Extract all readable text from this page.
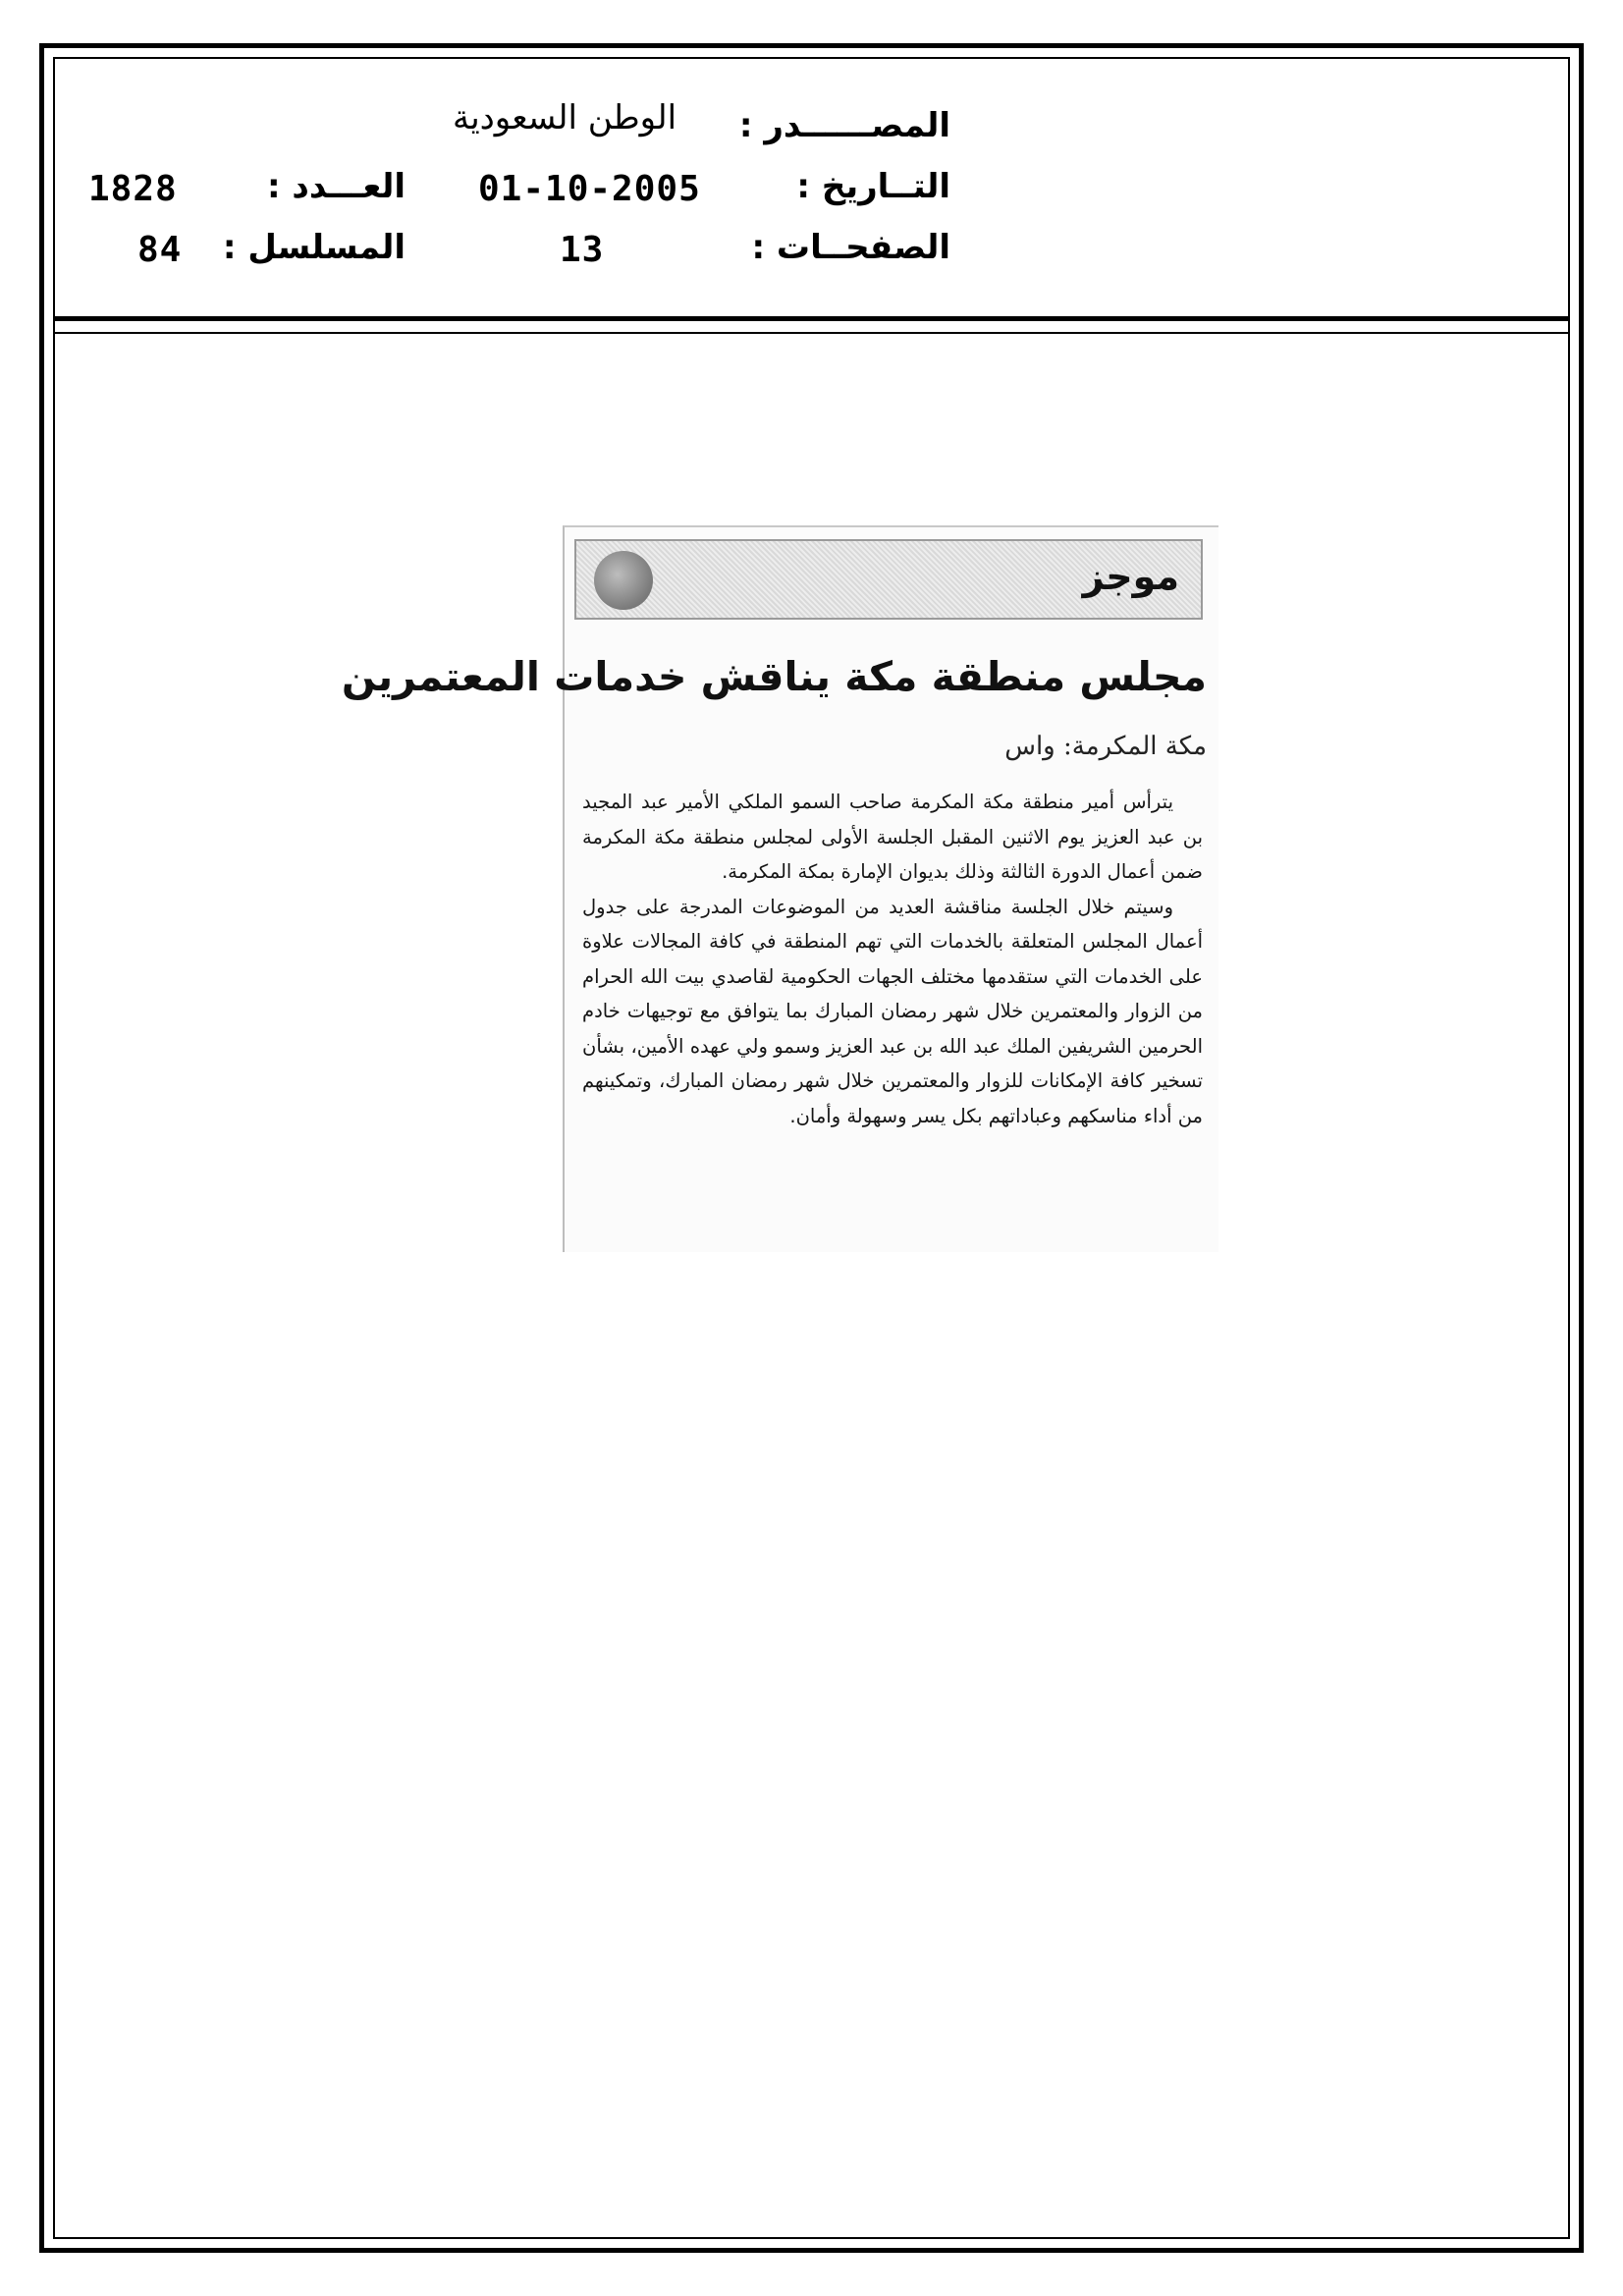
المصــــــدر :
الوطن السعودية
التــاريخ :
01-10-2005
العـــدد :
1828
الصفحــات :
13
المسلسل :
84
موجز
مجلس منطقة مكة يناقش خدمات المعتمرين
مكة المكرمة: واس

يترأس أمير منطقة مكة المكرمة صاحب السمو الملكي الأمير عبد المجيد بن عبد العزيز يوم الاثنين المقبل الجلسة الأولى لمجلس منطقة مكة المكرمة ضمن أعمال الدورة الثالثة وذلك بديوان الإمارة بمكة المكرمة.

وسيتم خلال الجلسة مناقشة العديد من الموضوعات المدرجة على جدول أعمال المجلس المتعلقة بالخدمات التي تهم المنطقة في كافة المجالات علاوة على الخدمات التي ستقدمها مختلف الجهات الحكومية لقاصدي بيت الله الحرام من الزوار والمعتمرين خلال شهر رمضان المبارك بما يتوافق مع توجيهات خادم الحرمين الشريفين الملك عبد الله بن عبد العزيز وسمو ولي عهده الأمين، بشأن تسخير كافة الإمكانات للزوار والمعتمرين خلال شهر رمضان المبارك، وتمكينهم من أداء مناسكهم وعباداتهم بكل يسر وسهولة وأمان.
